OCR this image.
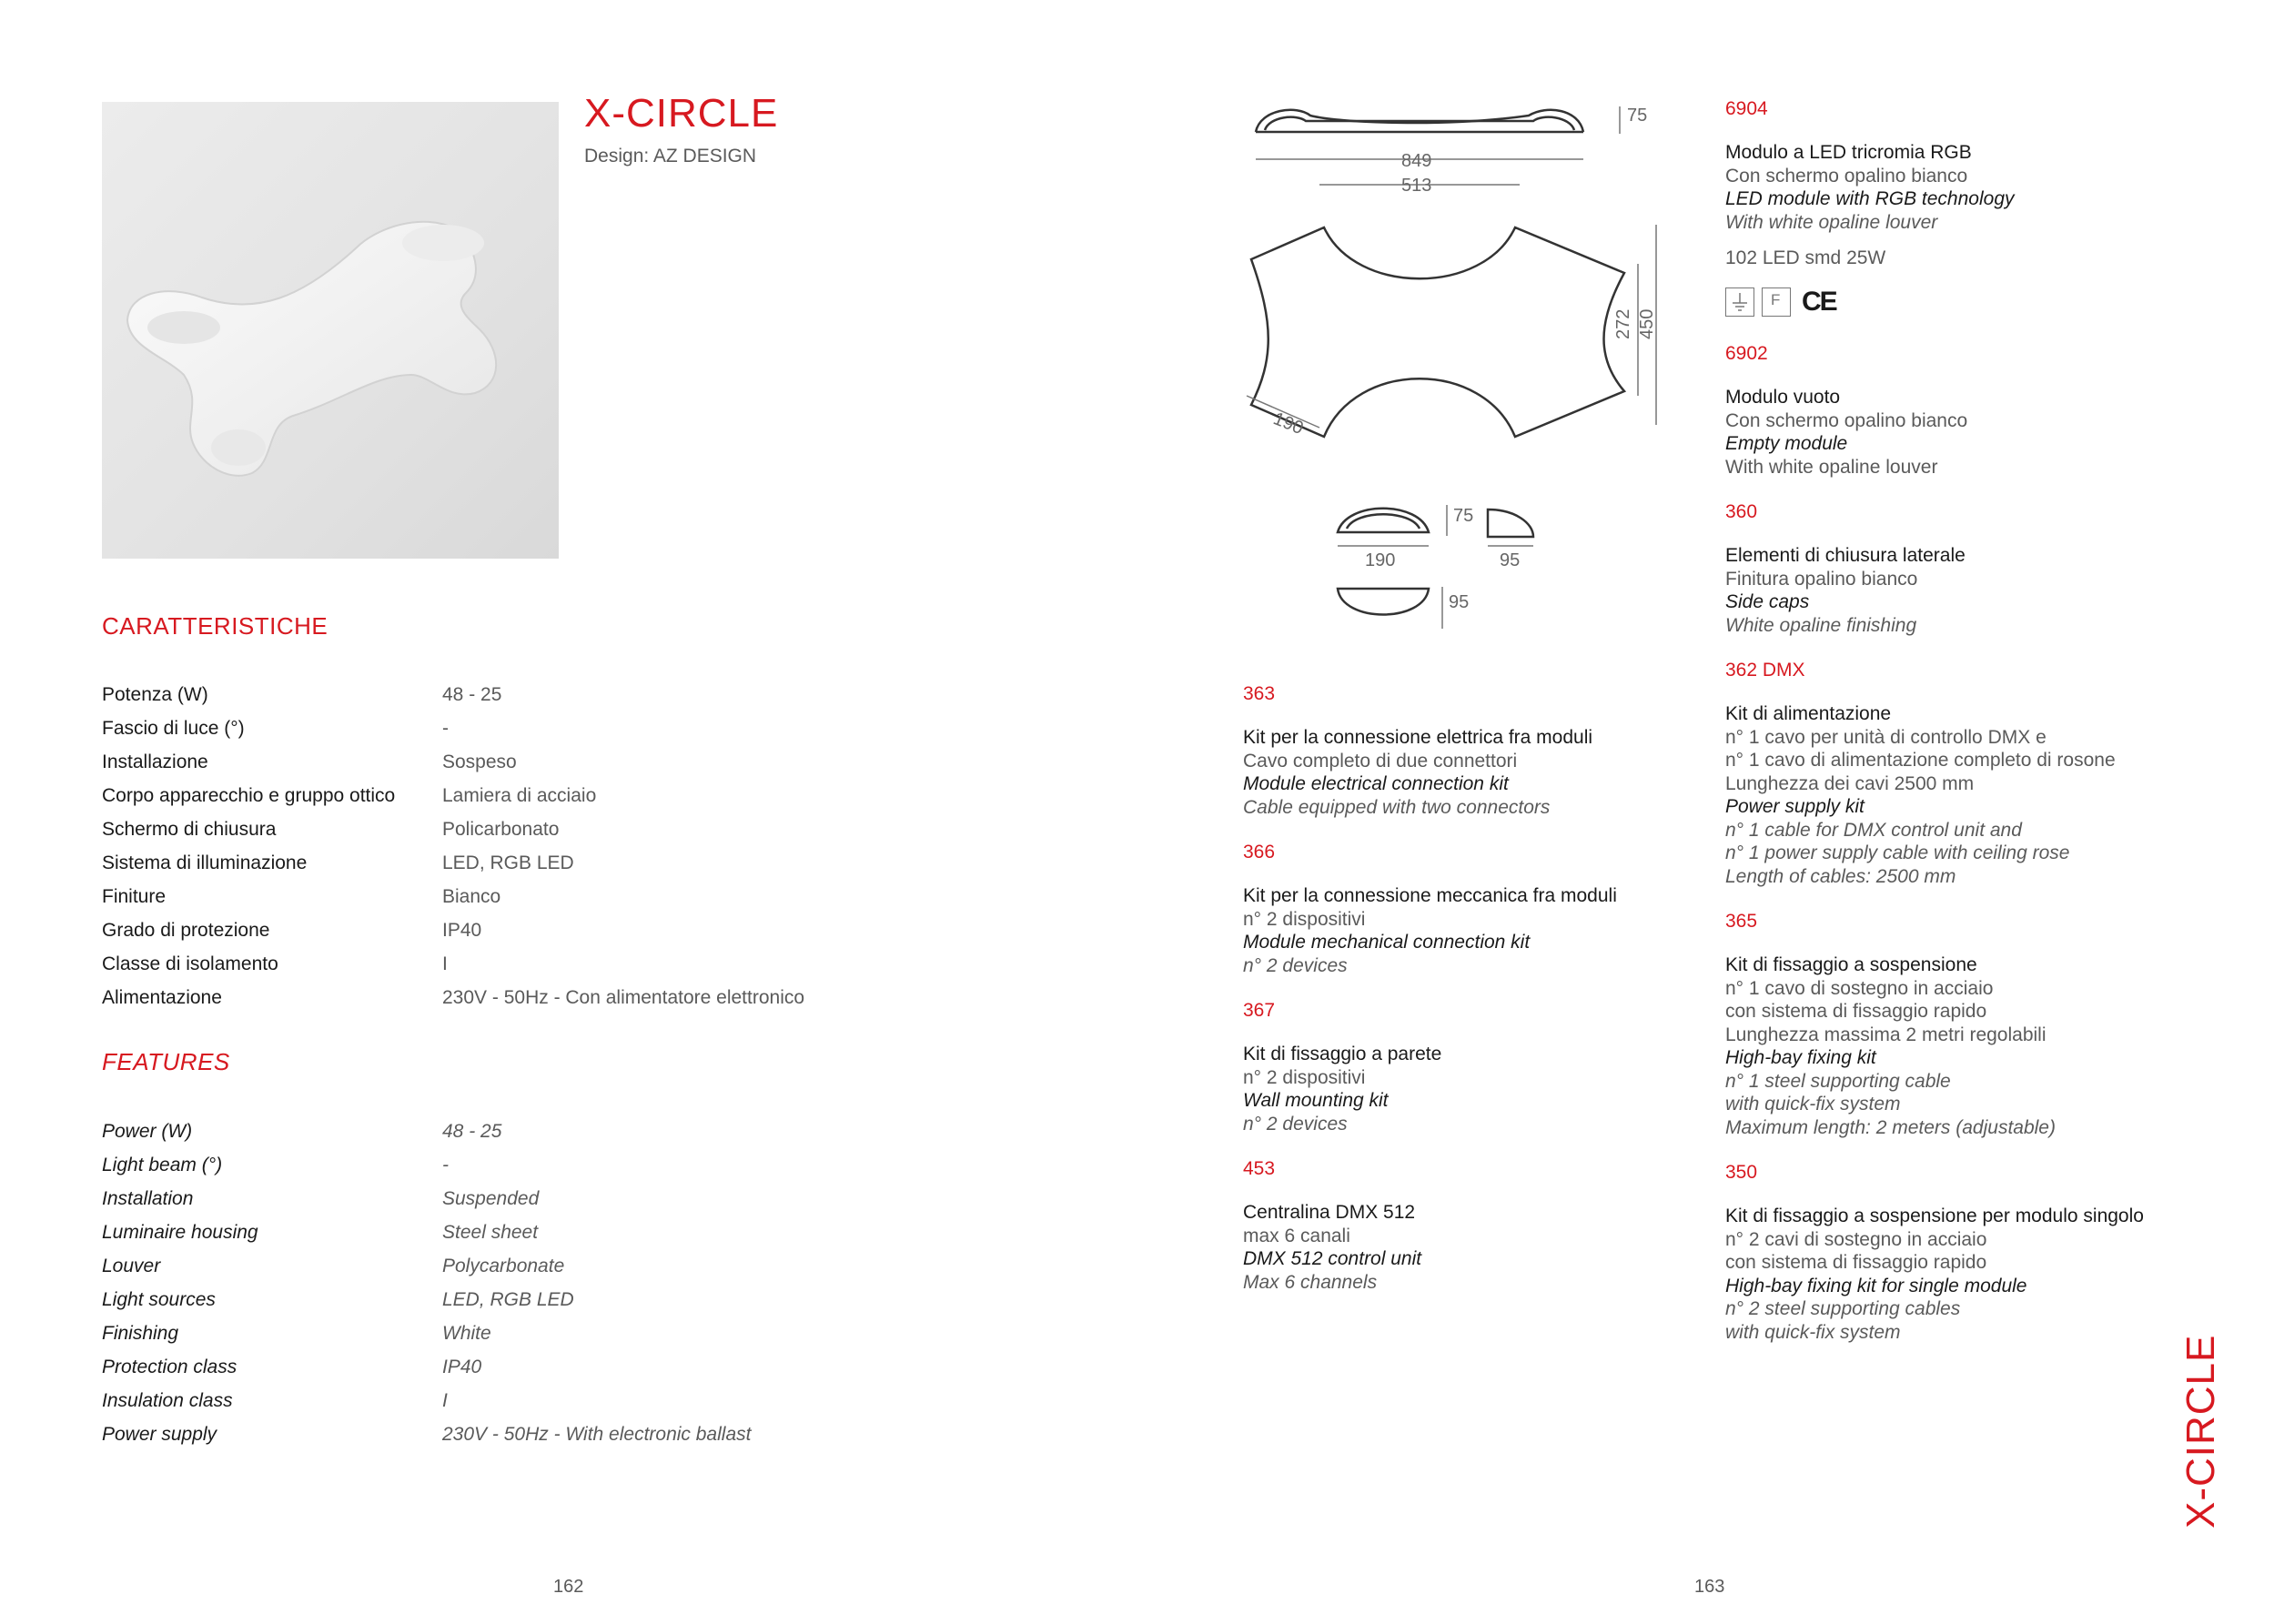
X-CIRCLE
Design: AZ DESIGN
CARATTERISTICHE
Potenza (W)	48 - 25
Fascio di luce (°)	-
Installazione	Sospeso
Corpo apparecchio e gruppo ottico	Lamiera di acciaio
Schermo di chiusura	Policarbonato
Sistema di illuminazione	LED, RGB LED
Finiture	Bianco
Grado di protezione	IP40
Classe di isolamento	I
Alimentazione	230V - 50Hz - Con alimentatore elettronico
FEATURES
Power (W)	48 - 25
Light beam (°)	-
Installation	Suspended
Luminaire housing	Steel sheet
Louver	Polycarbonate
Light sources	LED, RGB LED
Finishing	White
Protection class	IP40
Insulation class	I
Power supply	230V - 50Hz - With electronic ballast
75
849
513
272 450
190
75
190	95
95
363
Kit per la connessione elettrica fra moduli
Cavo completo di due connettori
Module electrical connection kit
Cable equipped with two connectors
366
Kit per la connessione meccanica fra moduli
n° 2 dispositivi
Module mechanical connection kit
n° 2 devices
367
Kit di fissaggio a parete
n° 2 dispositivi
Wall mounting kit
n° 2 devices
453
Centralina DMX 512
max 6 canali
DMX 512 control unit
Max 6 channels
6904
Modulo a LED tricromia RGB
Con schermo opalino bianco
LED module with RGB technology
With white opaline louver
102 LED smd 25W
F CE
6902
Modulo vuoto
Con schermo opalino bianco
Empty module
With white opaline louver
360
Elementi di chiusura laterale
Finitura opalino bianco
Side caps
White opaline finishing
362 DMX
Kit di alimentazione
n° 1 cavo per unità di controllo DMX e
n° 1 cavo di alimentazione completo di rosone
Lunghezza dei cavi 2500 mm
Power supply kit
n° 1 cable for DMX control unit and
n° 1 power supply cable with ceiling rose
Length of cables: 2500 mm
365
Kit di fissaggio a sospensione
n° 1 cavo di sostegno in acciaio
con sistema di fissaggio rapido
Lunghezza massima 2 metri regolabili
High-bay fixing kit
n° 1 steel supporting cable
with quick-fix system
Maximum length: 2 meters (adjustable)
350
Kit di fissaggio a sospensione per modulo singolo
n° 2 cavi di sostegno in acciaio
con sistema di fissaggio rapido
High-bay fixing kit for single module
n° 2 steel supporting cables
with quick-fix system
X-CIRCLE
162	163
